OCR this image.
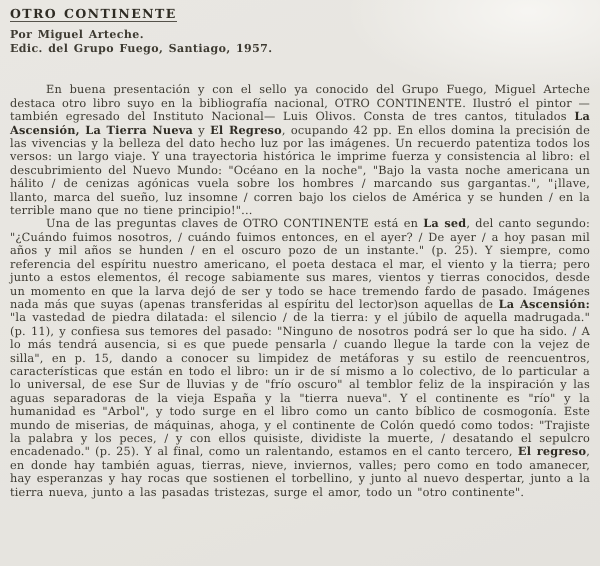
OTRO CONTINENTE
Por Miguel Arteche.
Edic. del Grupo Fuego, Santiago, 1957.

En buena presentación y con el sello ya conocido del Grupo Fuego, Miguel Arteche destaca otro libro suyo en la bibliografía nacional, OTRO CONTINENTE. Ilustró el pintor —también egresado del Instituto Nacional— Luis Olivos. Consta de tres cantos, titulados La Ascensión, La Tierra Nueva y El Regreso, ocupando 42 pp. En ellos domina la precisión de las vivencias y la belleza del dato hecho luz por las imágenes. Un recuerdo patentiza todos los versos: un largo viaje. Y una trayectoria histórica le imprime fuerza y consistencia al libro: el descubrimiento del Nuevo Mundo: "Océano en la noche", "Bajo la vasta noche americana un hálito / de cenizas agónicas vuela sobre los hombres / marcando sus gargantas.", "¡llave, llanto, marca del sueño, luz insomne / corren bajo los cielos de América y se hunden / en la terrible mano que no tiene principio!"...

Una de las preguntas claves de OTRO CONTINENTE está en La sed, del canto segundo: "¿Cuándo fuimos nosotros, / cuándo fuimos entonces, en el ayer? / De ayer / a hoy pasan mil años y mil años se hunden / en el oscuro pozo de un instante." (p. 25). Y siempre, como referencia del espíritu nuestro americano, el poeta destaca el mar, el viento y la tierra; pero junto a estos elementos, él recoge sabiamente sus mares, vientos y tierras conocidos, desde un momento en que la larva dejó de ser y todo se hace tremendo fardo de pasado. Imágenes nada más que suyas (apenas transferidas al espíritu del lector)son aquellas de La Ascensión: "la vastedad de piedra dilatada: el silencio / de la tierra: y el júbilo de aquella madrugada." (p. 11), y confiesa sus temores del pasado: "Ninguno de nosotros podrá ser lo que ha sido. / A lo más tendrá ausencia, si es que puede pensarla / cuando llegue la tarde con la vejez de silla", en p. 15, dando a conocer su limpidez de metáforas y su estilo de reencuentros, características que están en todo el libro: un ir de sí mismo a lo colectivo, de lo particular a lo universal, de ese Sur de lluvias y de "frío oscuro" al temblor feliz de la inspiración y las aguas separadoras de la vieja España y la "tierra nueva". Y el continente es "río" y la humanidad es "Arbol", y todo surge en el libro como un canto bíblico de cosmogonía. Este mundo de miserias, de máquinas, ahoga, y el continente de Colón quedó como todos: "Trajiste la palabra y los peces, / y con ellos quisiste, dividiste la muerte, / desatando el sepulcro encadenado." (p. 25). Y al final, como un ralentando, estamos en el canto tercero, El regreso, en donde hay también aguas, tierras, nieve, inviernos, valles; pero como en todo amanecer, hay esperanzas y hay rocas que sostienen el torbellino, y junto al nuevo despertar, junto a la tierra nueva, junto a las pasadas tristezas, surge el amor, todo un "otro continente".
